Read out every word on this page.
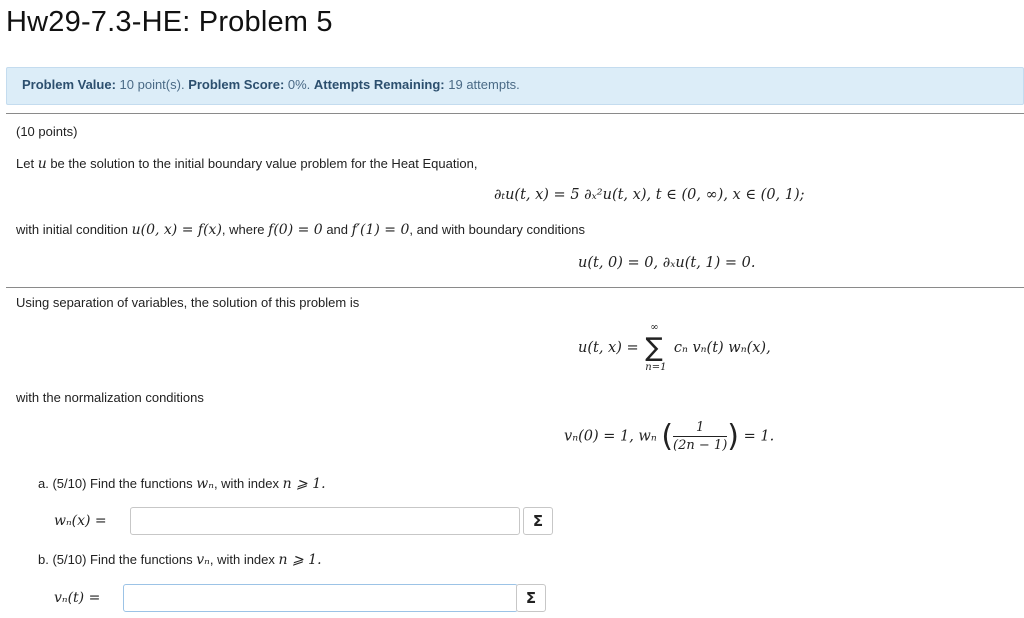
Hw29-7.3-HE: Problem 5
Problem Value: 10 point(s). Problem Score: 0%. Attempts Remaining: 19 attempts.
(10 points)
Let u be the solution to the initial boundary value problem for the Heat Equation,
∂ₜu(t, x) = 5 ∂ₓ²u(t, x), t ∈ (0, ∞), x ∈ (0, 1);
with initial condition u(0, x) = f(x), where f(0) = 0 and f′(1) = 0, and with boundary conditions
u(t, 0) = 0, ∂ₓu(t, 1) = 0.
Using separation of variables, the solution of this problem is
u(t, x) =
∞
∑
n=1
cₙ vₙ(t) wₙ(x),
with the normalization conditions
vₙ(0) = 1, wₙ ( $\frac{1}{(2n - 1)}$ ) = 1.
a. (5/10) Find the functions wₙ, with index n ⩾ 1.
wₙ(x) =	Σ
b. (5/10) Find the functions vₙ, with index n ⩾ 1.
vₙ(t) =	Σ
